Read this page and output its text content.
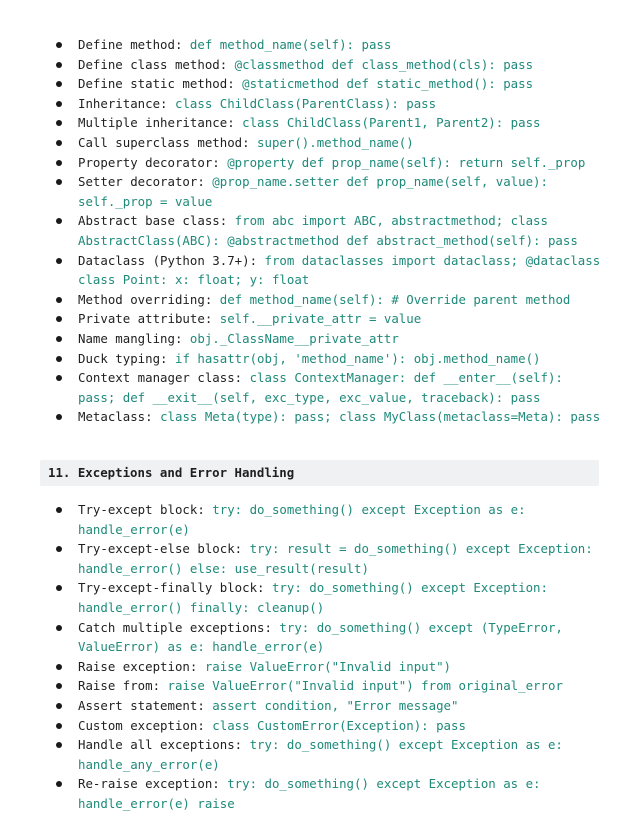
Define method: def method_name(self): pass
Define class method: @classmethod def class_method(cls): pass
Define static method: @staticmethod def static_method(): pass
Inheritance: class ChildClass(ParentClass): pass
Multiple inheritance: class ChildClass(Parent1, Parent2): pass
Call superclass method: super().method_name()
Property decorator: @property def prop_name(self): return self._prop
Setter decorator: @prop_name.setter def prop_name(self, value): self._prop = value
Abstract base class: from abc import ABC, abstractmethod; class AbstractClass(ABC): @abstractmethod def abstract_method(self): pass
Dataclass (Python 3.7+): from dataclasses import dataclass; @dataclass class Point: x: float; y: float
Method overriding: def method_name(self): # Override parent method
Private attribute: self.__private_attr = value
Name mangling: obj._ClassName__private_attr
Duck typing: if hasattr(obj, 'method_name'): obj.method_name()
Context manager class: class ContextManager: def __enter__(self): pass; def __exit__(self, exc_type, exc_value, traceback): pass
Metaclass: class Meta(type): pass; class MyClass(metaclass=Meta): pass
11. Exceptions and Error Handling
Try-except block: try: do_something() except Exception as e: handle_error(e)
Try-except-else block: try: result = do_something() except Exception: handle_error() else: use_result(result)
Try-except-finally block: try: do_something() except Exception: handle_error() finally: cleanup()
Catch multiple exceptions: try: do_something() except (TypeError, ValueError) as e: handle_error(e)
Raise exception: raise ValueError("Invalid input")
Raise from: raise ValueError("Invalid input") from original_error
Assert statement: assert condition, "Error message"
Custom exception: class CustomError(Exception): pass
Handle all exceptions: try: do_something() except Exception as e: handle_any_error(e)
Re-raise exception: try: do_something() except Exception as e: handle_error(e) raise
